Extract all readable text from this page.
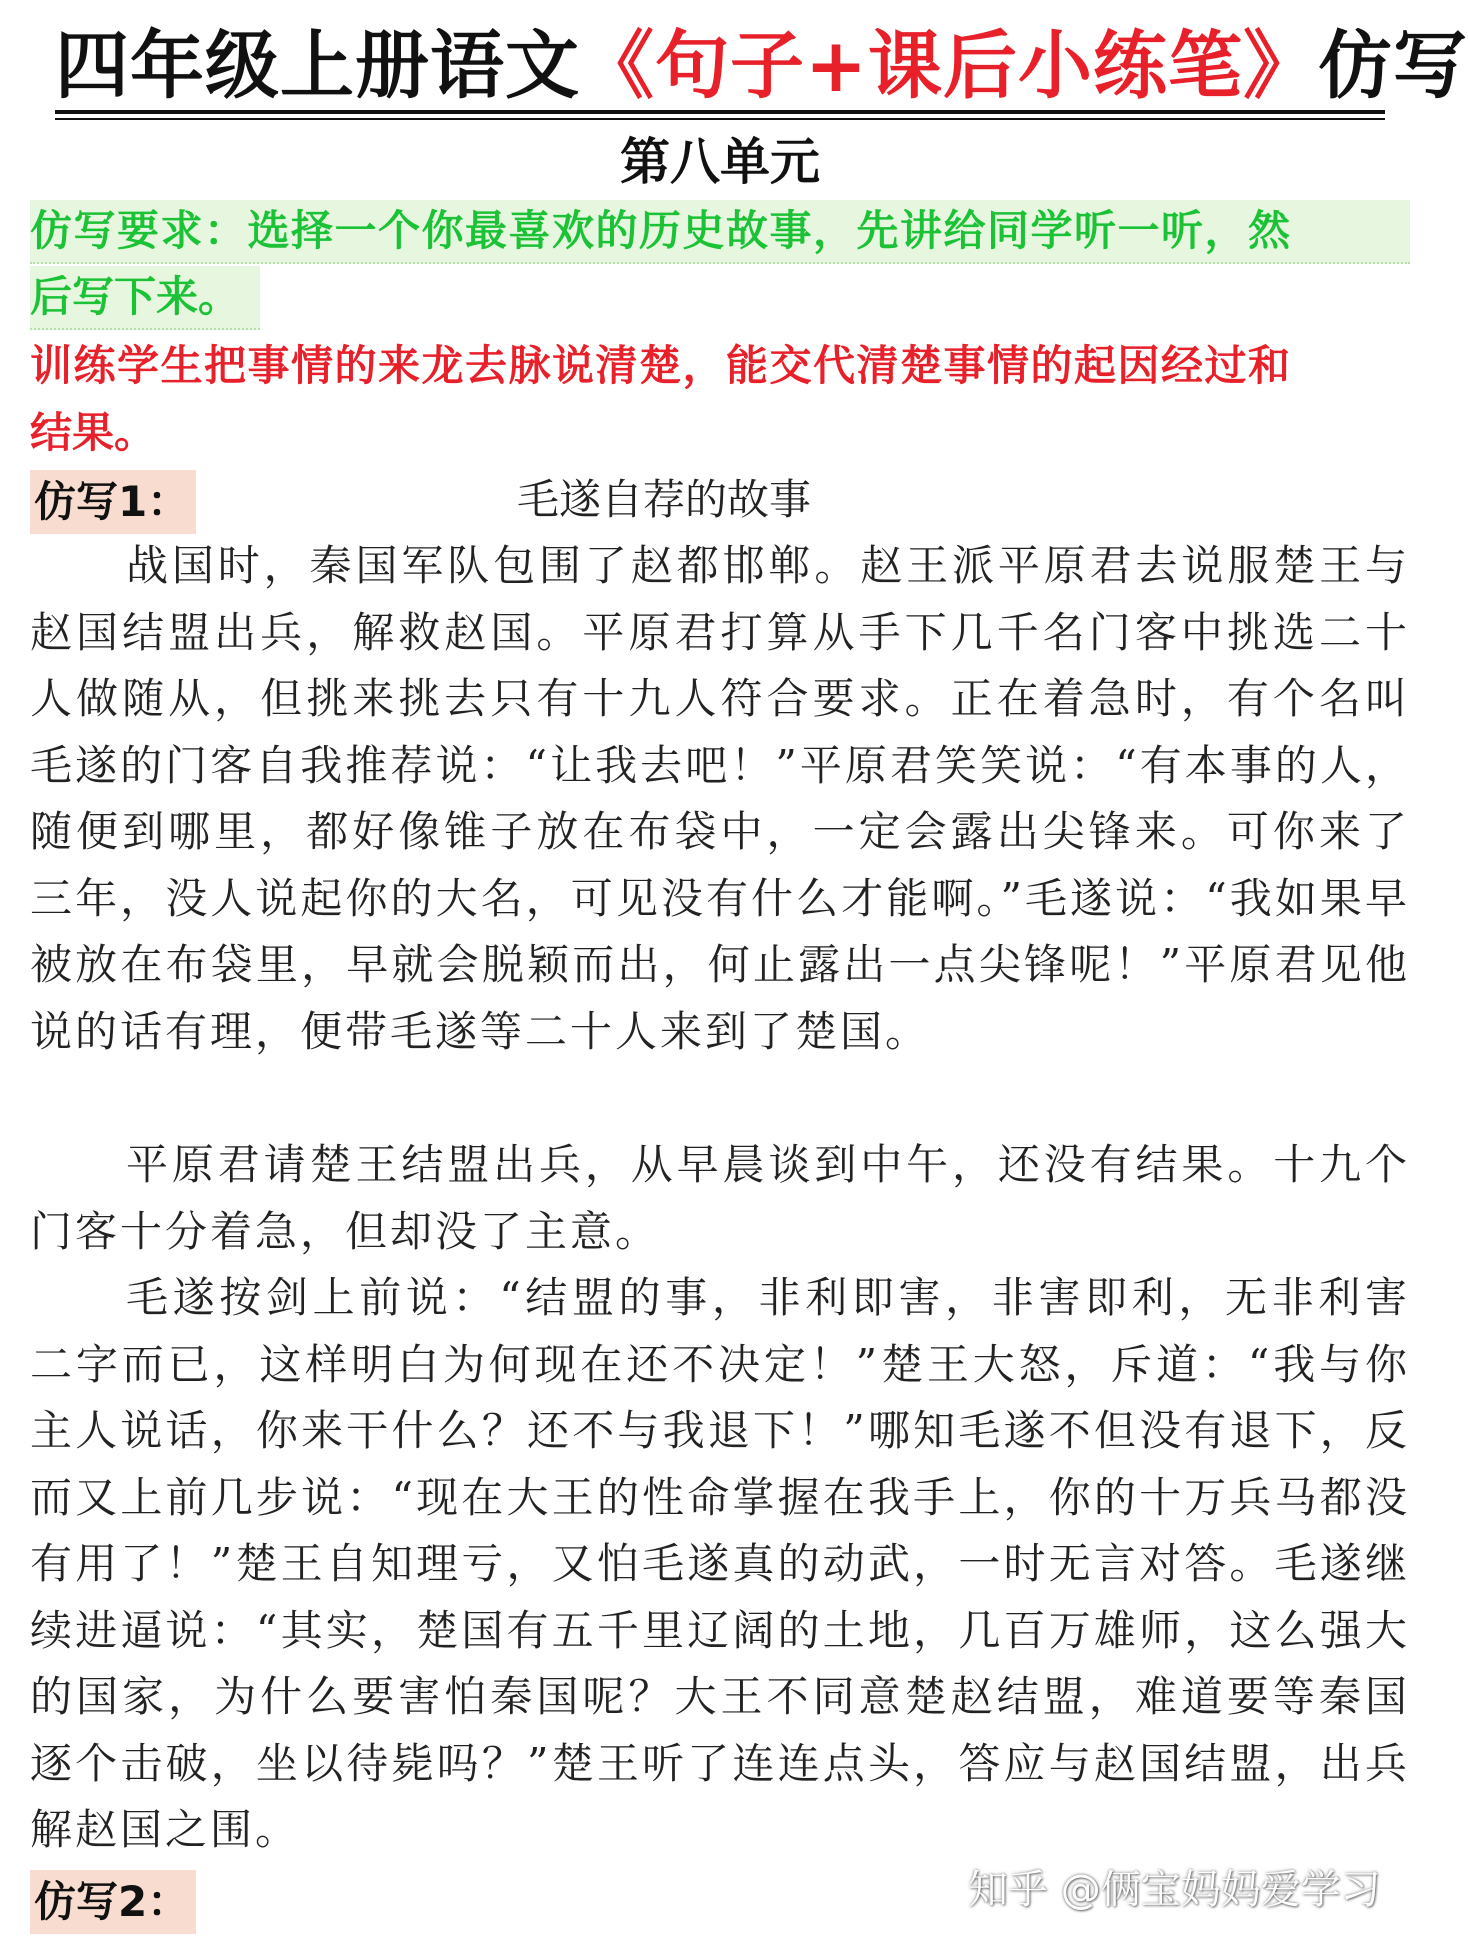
四年级上册语文《句子+课后小练笔》仿写
第八单元
仿写要求：选择一个你最喜欢的历史故事，先讲给同学听一听，然
后写下来。
训练学生把事情的来龙去脉说清楚，能交代清楚事情的起因经过和
结果。
仿写1：	毛遂自荐的故事

战国时，秦国军队包围了赵都邯郸。赵王派平原君去说服楚王与赵国结盟出兵，解救赵国。平原君打算从手下几千名门客中挑选二十人做随从，但挑来挑去只有十九人符合要求。正在着急时，有个名叫毛遂的门客自我推荐说：“让我去吧！”平原君笑笑说：“有本事的人，随便到哪里，都好像锥子放在布袋中，一定会露出尖锋来。可你来了三年，没人说起你的大名，可见没有什么才能啊。”毛遂说：“我如果早被放在布袋里，早就会脱颖而出，何止露出一点尖锋呢！”平原君见他说的话有理，便带毛遂等二十人来到了楚国。

平原君请楚王结盟出兵，从早晨谈到中午，还没有结果。十九个门客十分着急，但却没了主意。

毛遂按剑上前说：“结盟的事，非利即害，非害即利，无非利害二字而已，这样明白为何现在还不决定！”楚王大怒，斥道：“我与你主人说话，你来干什么？还不与我退下！”哪知毛遂不但没有退下，反而又上前几步说：“现在大王的性命掌握在我手上，你的十万兵马都没有用了！”楚王自知理亏，又怕毛遂真的动武，一时无言对答。毛遂继续进逼说：“其实，楚国有五千里辽阔的土地，几百万雄师，这么强大的国家，为什么要害怕秦国呢？大王不同意楚赵结盟，难道要等秦国逐个击破，坐以待毙吗？”楚王听了连连点头，答应与赵国结盟，出兵解赵国之围。

仿写2：	知乎 @俩宝妈妈爱学习
